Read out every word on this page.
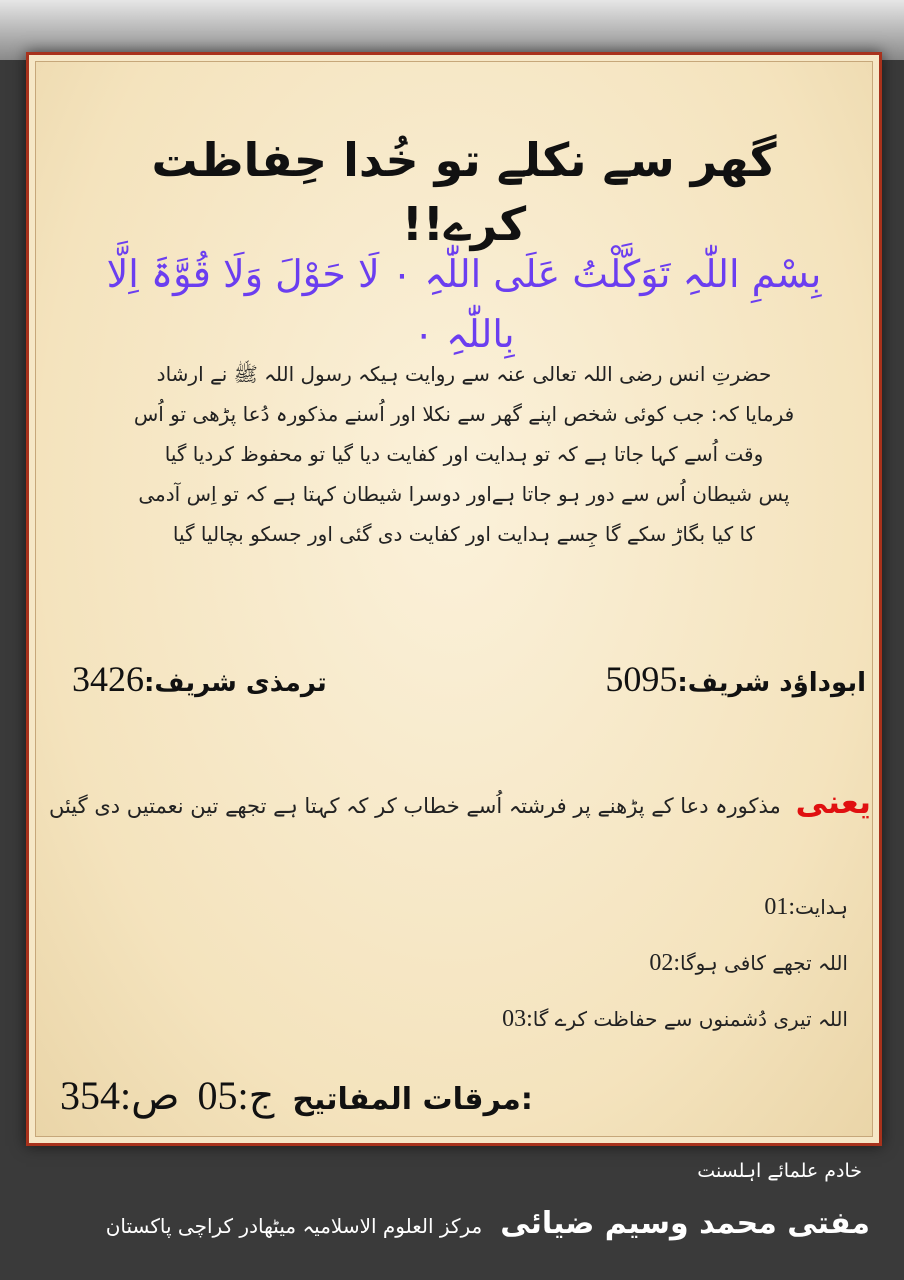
گھر سے نکلے تو خُدا حِفاظت کرے!!
بِسْمِ اللّٰہِ تَوَکَّلْتُ عَلَی اللّٰہِ ۰ لَا حَوْلَ وَلَا قُوَّۃَ اِلَّا بِاللّٰہِ ۰

حضرتِ انس رضی اللہ تعالی عنہ سے روایت ہیکہ رسول اللہ ﷺ نے ارشاد

فرمایا کہ: جب کوئی شخص اپنے گھر سے نکلا اور اُسنے مذکورہ دُعا پڑھی تو اُس

وقت اُسے کہا جاتا ہے کہ تو ہدایت اور کفایت دیا گیا تو محفوظ کردیا گیا

پس شیطان اُس سے دور ہو جاتا ہےاور دوسرا شیطان کہتا ہے کہ تو اِس آدمی

کا کیا بگاڑ سکے گا جِسے ہدایت اور کفایت دی گئی اور جسکو بچالیا گیا

3426 ترمذی شریف:	5095 ابوداؤد شریف:
یعنی مذکورہ دعا کے پڑھنے پر فرشتہ اُسے خطاب کر کہ کہتا ہے تجھے تین نعمتیں دی گیئں
01:ہدایت
02:اللہ تجھے کافی ہوگا
03:اللہ تیری دُشمنوں سے حفاظت کرے گا
ص:354 ج:05 مرقات المفاتیح:
خادم علمائے اہلسنت
مفتی محمد وسیم ضیائی
مرکز العلوم الاسلامیہ میٹھادر کراچی پاکستان
